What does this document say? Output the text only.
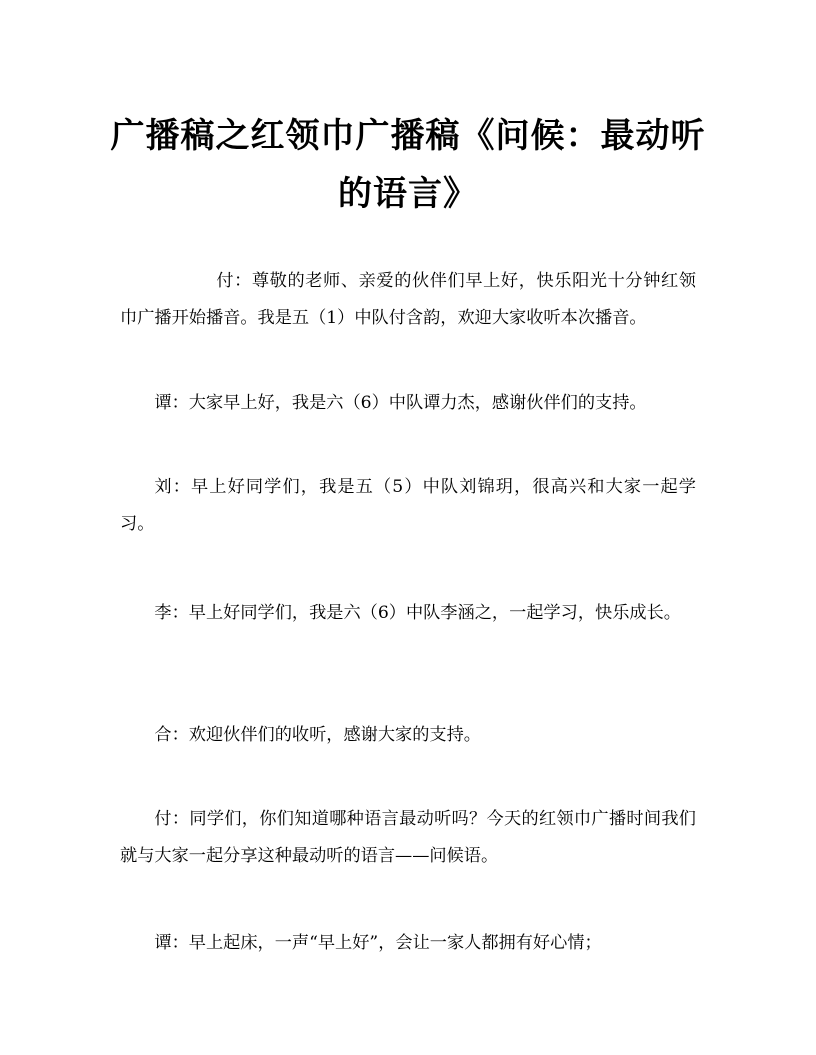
广播稿之红领巾广播稿《问候：最动听
的语言》

付：尊敬的老师、亲爱的伙伴们早上好，快乐阳光十分钟红领巾广播开始播音。我是五（1）中队付含韵，欢迎大家收听本次播音。

谭：大家早上好，我是六（6）中队谭力杰，感谢伙伴们的支持。

刘：早上好同学们，我是五（5）中队刘锦玥，很高兴和大家一起学习。

李：早上好同学们，我是六（6）中队李涵之，一起学习，快乐成长。

合：欢迎伙伴们的收听，感谢大家的支持。

付：同学们，你们知道哪种语言最动听吗？今天的红领巾广播时间我们就与大家一起分享这种最动听的语言——问候语。

谭：早上起床，一声“早上好”，会让一家人都拥有好心情；
